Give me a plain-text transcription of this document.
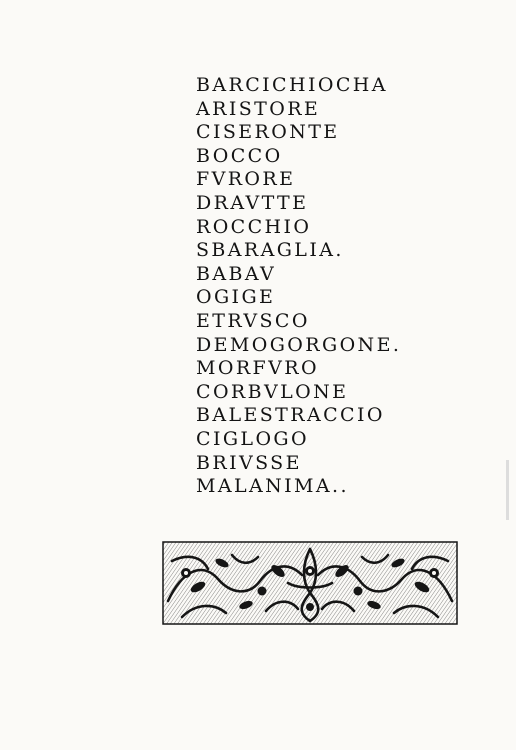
BARCICHIOCHA
ARISTORE
CISERONTE
BOCCO
FVRORE
DRAVTTE
ROCCHIO
SBARAGLIA.
BABAV
OGIGE
ETRVSCO
DEMOGORGONE.
MORFVRO
CORBVLONE
BALESTRACCIO
CIGLOGO
BRIVSSE
MALANIMA..
